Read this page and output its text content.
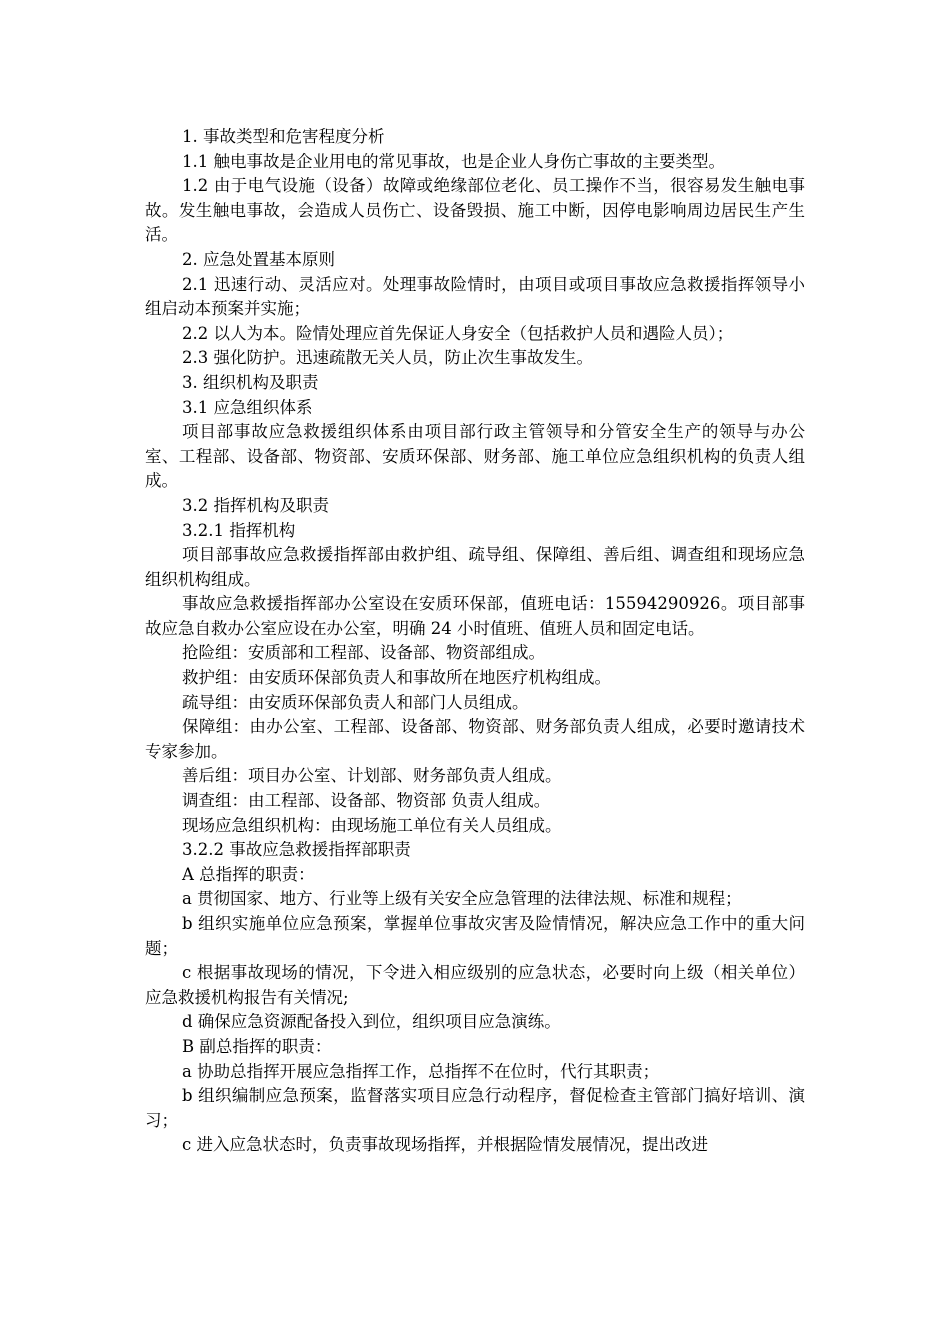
1. 事故类型和危害程度分析

1.1 触电事故是企业用电的常见事故，也是企业人身伤亡事故的主要类型。

1.2 由于电气设施（设备）故障或绝缘部位老化、员工操作不当，很容易发生触电事故。发生触电事故，会造成人员伤亡、设备毁损、施工中断，因停电影响周边居民生产生活。

2. 应急处置基本原则

2.1 迅速行动、灵活应对。处理事故险情时，由项目或项目事故应急救援指挥领导小组启动本预案并实施；

2.2 以人为本。险情处理应首先保证人身安全（包括救护人员和遇险人员）；

2.3 强化防护。迅速疏散无关人员，防止次生事故发生。

3. 组织机构及职责

3.1 应急组织体系

项目部事故应急救援组织体系由项目部行政主管领导和分管安全生产的领导与办公室、工程部、设备部、物资部、安质环保部、财务部、施工单位应急组织机构的负责人组成。

3.2 指挥机构及职责

3.2.1 指挥机构

项目部事故应急救援指挥部由救护组、疏导组、保障组、善后组、调查组和现场应急组织机构组成。

事故应急救援指挥部办公室设在安质环保部，值班电话：15594290926。项目部事故应急自救办公室应设在办公室，明确 24 小时值班、值班人员和固定电话。

抢险组：安质部和工程部、设备部、物资部组成。

救护组：由安质环保部负责人和事故所在地医疗机构组成。

疏导组：由安质环保部负责人和部门人员组成。

保障组：由办公室、工程部、设备部、物资部、财务部负责人组成，必要时邀请技术专家参加。

善后组：项目办公室、计划部、财务部负责人组成。

调查组：由工程部、设备部、物资部 负责人组成。

现场应急组织机构：由现场施工单位有关人员组成。

3.2.2 事故应急救援指挥部职责

A 总指挥的职责：

a 贯彻国家、地方、行业等上级有关安全应急管理的法律法规、标准和规程；

b 组织实施单位应急预案，掌握单位事故灾害及险情情况，解决应急工作中的重大问题；

c 根据事故现场的情况，下令进入相应级别的应急状态，必要时向上级（相关单位）应急救援机构报告有关情况;

d 确保应急资源配备投入到位，组织项目应急演练。

B 副总指挥的职责：

a 协助总指挥开展应急指挥工作，总指挥不在位时，代行其职责；

b 组织编制应急预案，监督落实项目应急行动程序，督促检查主管部门搞好培训、演习；

c 进入应急状态时，负责事故现场指挥，并根据险情发展情况，提出改进
